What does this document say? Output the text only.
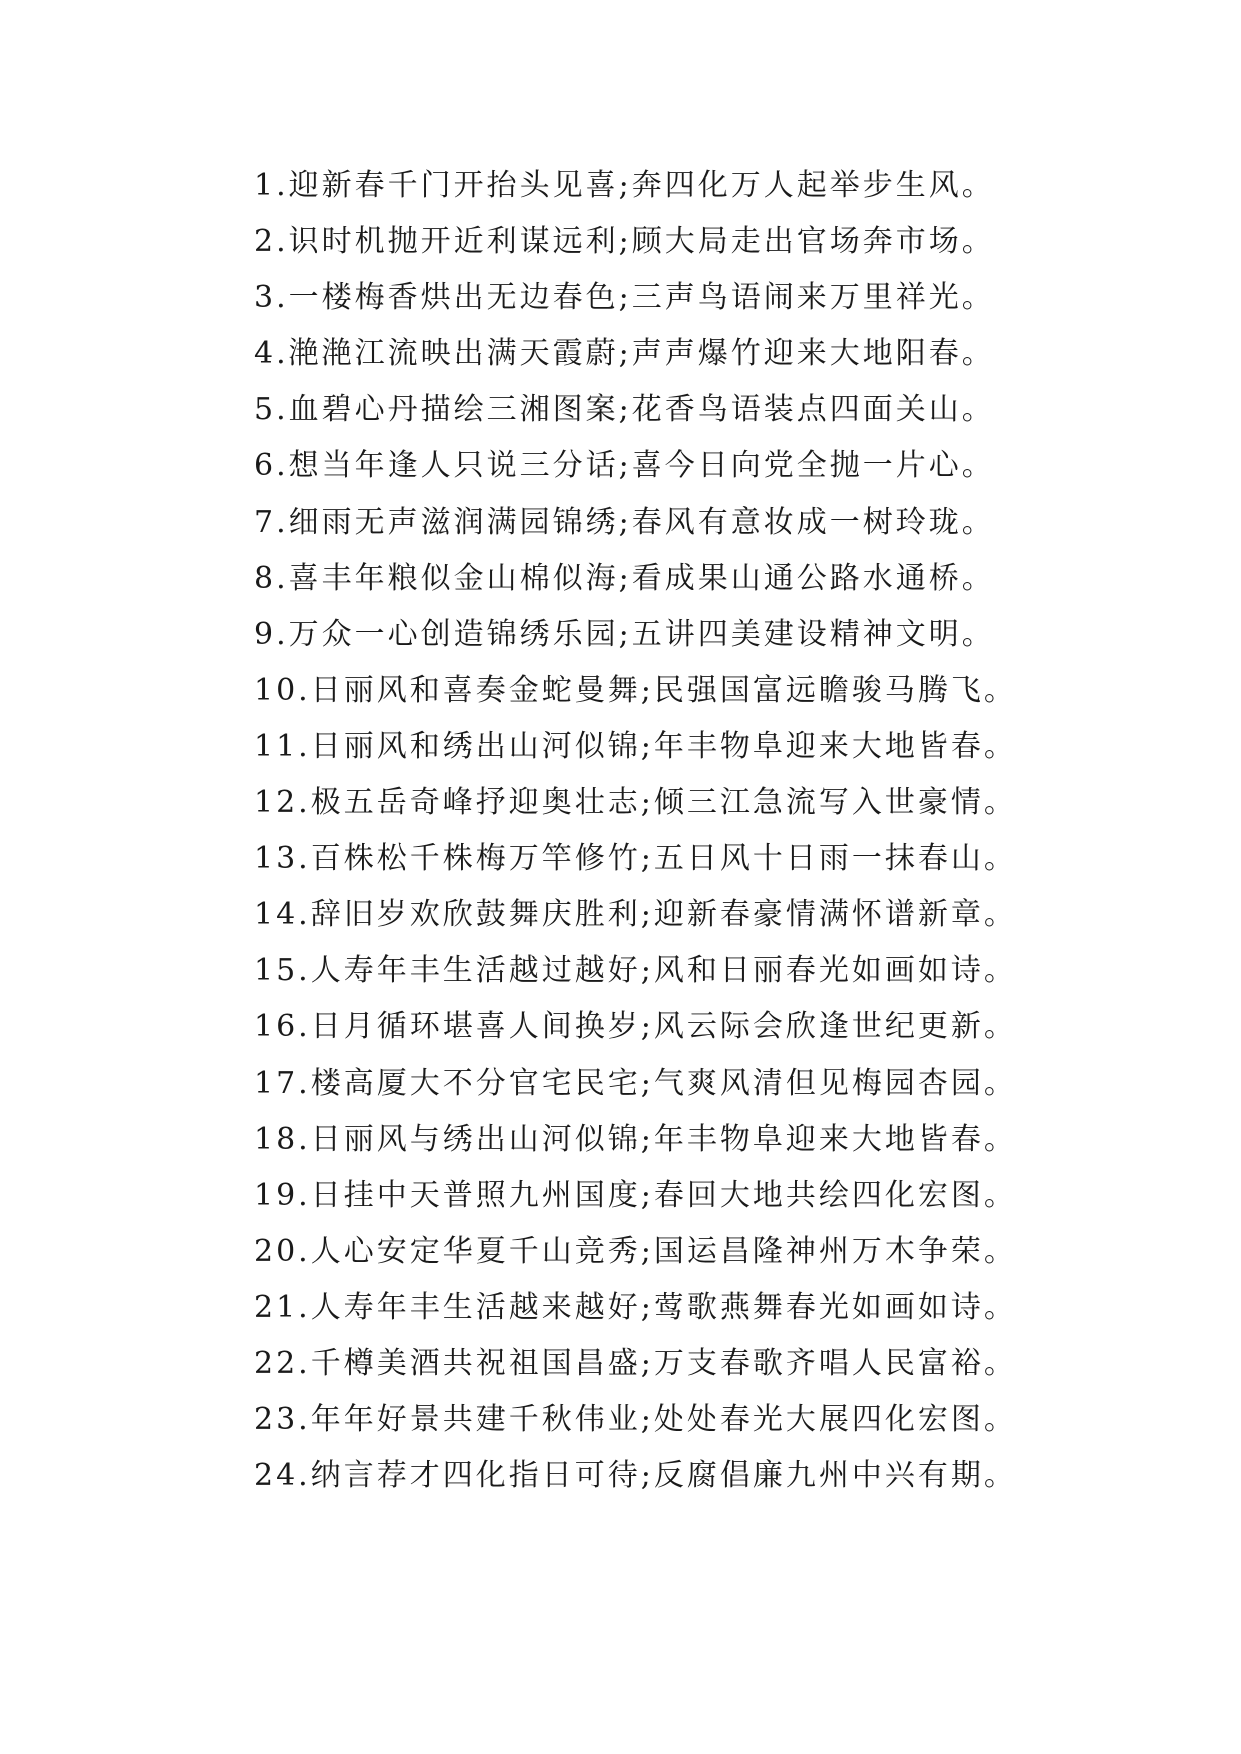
1.迎新春千门开抬头见喜;奔四化万人起举步生风。
2.识时机抛开近利谋远利;顾大局走出官场奔市场。
3.一楼梅香烘出无边春色;三声鸟语闹来万里祥光。
4.滟滟江流映出满天霞蔚;声声爆竹迎来大地阳春。
5.血碧心丹描绘三湘图案;花香鸟语装点四面关山。
6.想当年逢人只说三分话;喜今日向党全抛一片心。
7.细雨无声滋润满园锦绣;春风有意妆成一树玲珑。
8.喜丰年粮似金山棉似海;看成果山通公路水通桥。
9.万众一心创造锦绣乐园;五讲四美建设精神文明。
10.日丽风和喜奏金蛇曼舞;民强国富远瞻骏马腾飞。
11.日丽风和绣出山河似锦;年丰物阜迎来大地皆春。
12.极五岳奇峰抒迎奥壮志;倾三江急流写入世豪情。
13.百株松千株梅万竿修竹;五日风十日雨一抹春山。
14.辞旧岁欢欣鼓舞庆胜利;迎新春豪情满怀谱新章。
15.人寿年丰生活越过越好;风和日丽春光如画如诗。
16.日月循环堪喜人间换岁;风云际会欣逢世纪更新。
17.楼高厦大不分官宅民宅;气爽风清但见梅园杏园。
18.日丽风与绣出山河似锦;年丰物阜迎来大地皆春。
19.日挂中天普照九州国度;春回大地共绘四化宏图。
20.人心安定华夏千山竞秀;国运昌隆神州万木争荣。
21.人寿年丰生活越来越好;莺歌燕舞春光如画如诗。
22.千樽美酒共祝祖国昌盛;万支春歌齐唱人民富裕。
23.年年好景共建千秋伟业;处处春光大展四化宏图。
24.纳言荐才四化指日可待;反腐倡廉九州中兴有期。
